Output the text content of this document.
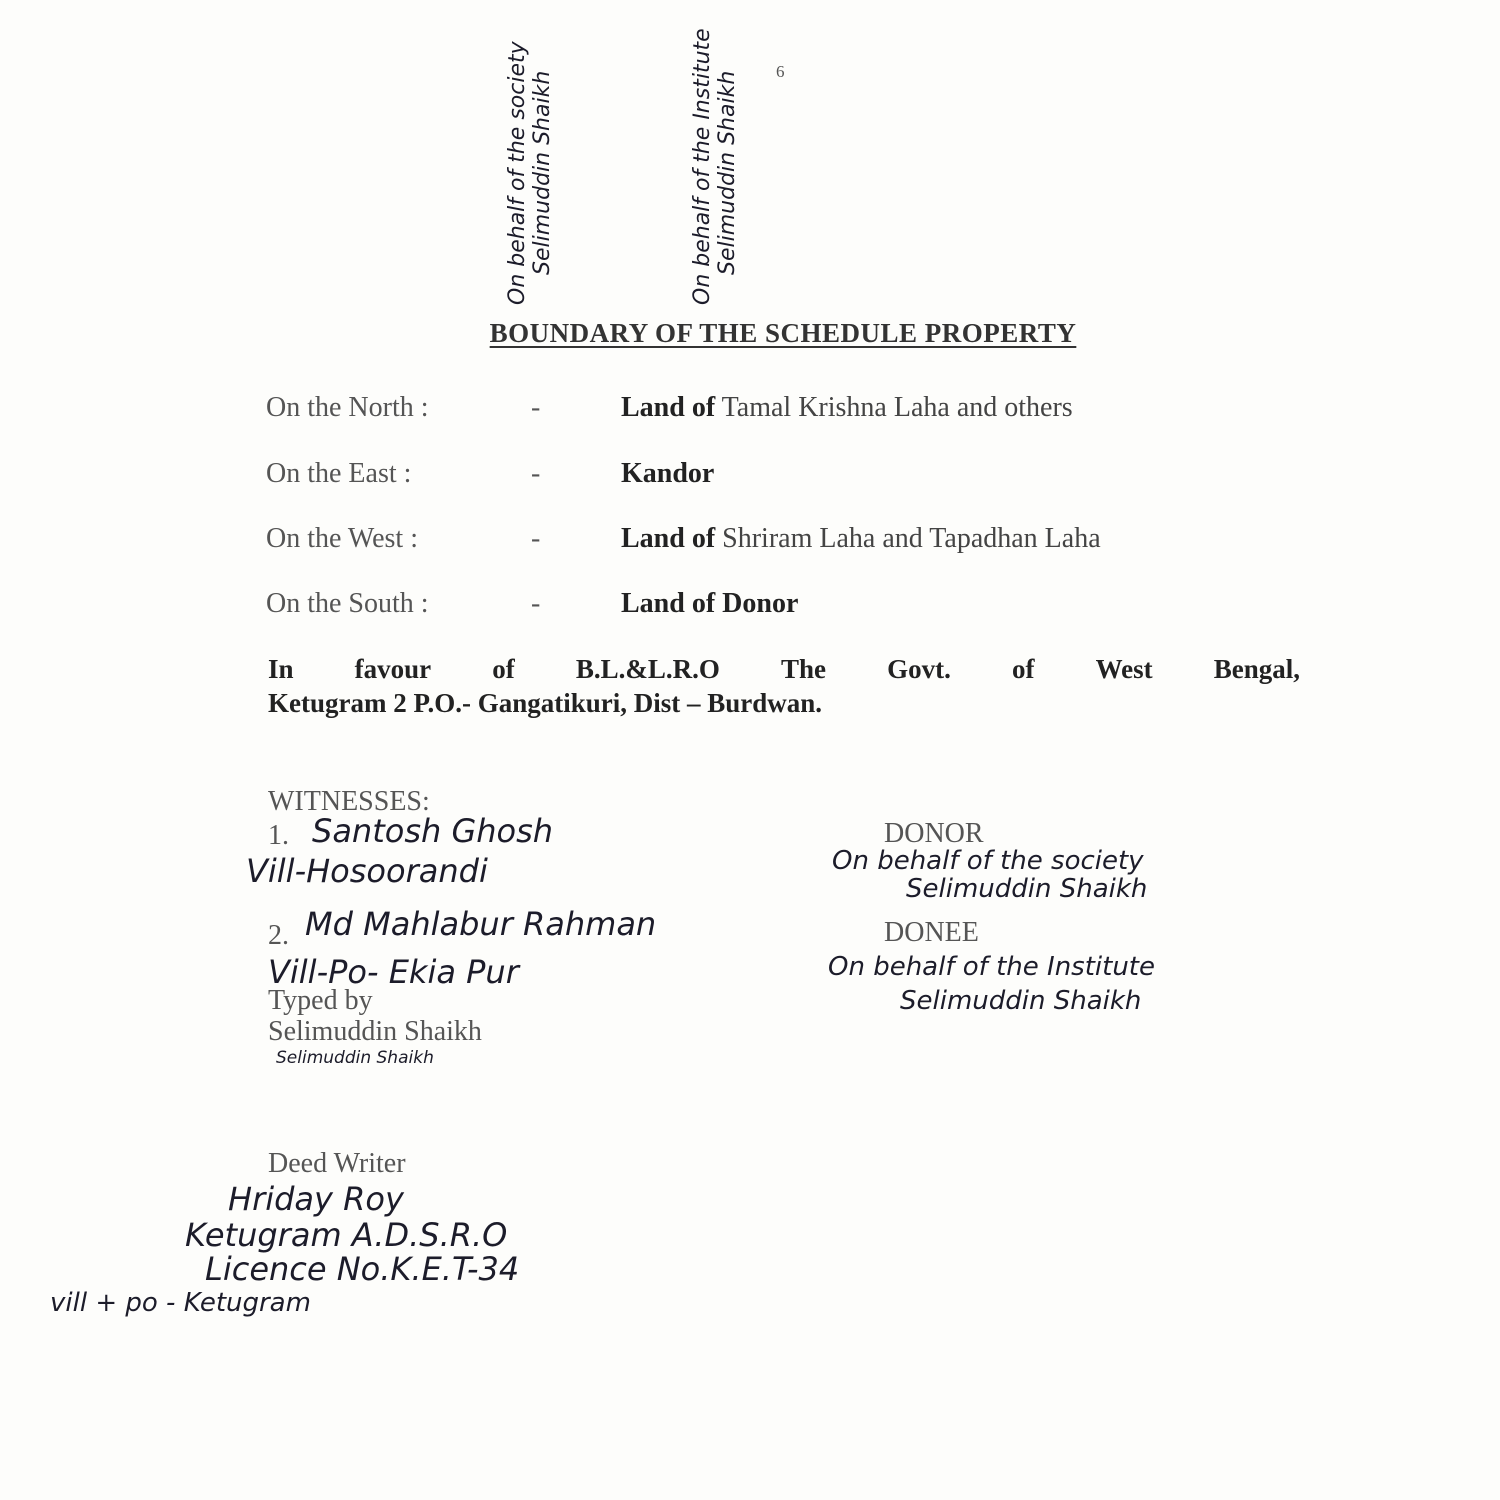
6
On behalf of the society Selimuddin Shaikh	On behalf of the Institute Selimuddin Shaikh
BOUNDARY OF THE SCHEDULE PROPERTY
On the North :	-	Land of Tamal Krishna Laha and others
On the East :	-	Kandor
On the West :	-	Land of Shriram Laha and Tapadhan Laha
On the South :	-	Land of Donor
In favour of B.L.&L.R.O The Govt. of West Bengal,
Ketugram 2 P.O.- Gangatikuri, Dist – Burdwan.
WITNESSES:
1. Santosh Ghosh
Vill-Hosoorandi
2. Md Mahlabur Rahman
Vill-Po- Ekia Pur
Typed by
Selimuddin Shaikh
Selimuddin Shaikh
DONOR
On behalf of the society
Selimuddin Shaikh
DONEE
On behalf of the Institute
Selimuddin Shaikh
Deed Writer
Hriday Roy
Ketugram A.D.S.R.O
Licence No.K.E.T-34
vill + po - Ketugram
